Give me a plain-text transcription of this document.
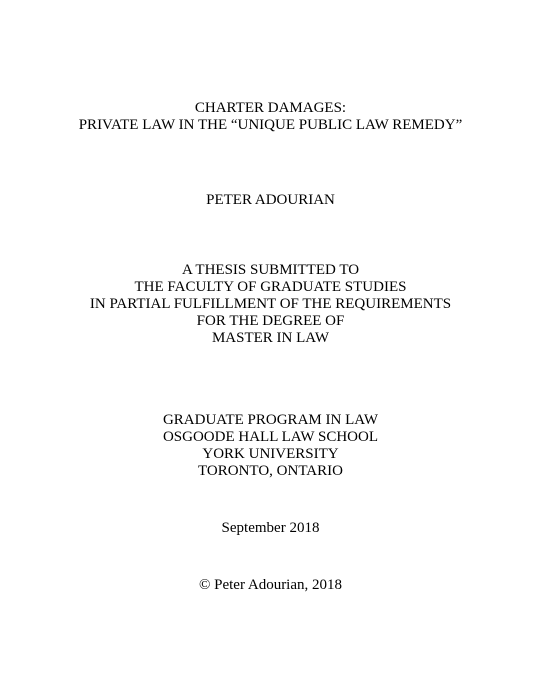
CHARTER DAMAGES:
PRIVATE LAW IN THE “UNIQUE PUBLIC LAW REMEDY”
PETER ADOURIAN
A THESIS SUBMITTED TO
THE FACULTY OF GRADUATE STUDIES
IN PARTIAL FULFILLMENT OF THE REQUIREMENTS
FOR THE DEGREE OF
MASTER IN LAW
GRADUATE PROGRAM IN LAW
OSGOODE HALL LAW SCHOOL
YORK UNIVERSITY
TORONTO, ONTARIO
September 2018
© Peter Adourian, 2018
